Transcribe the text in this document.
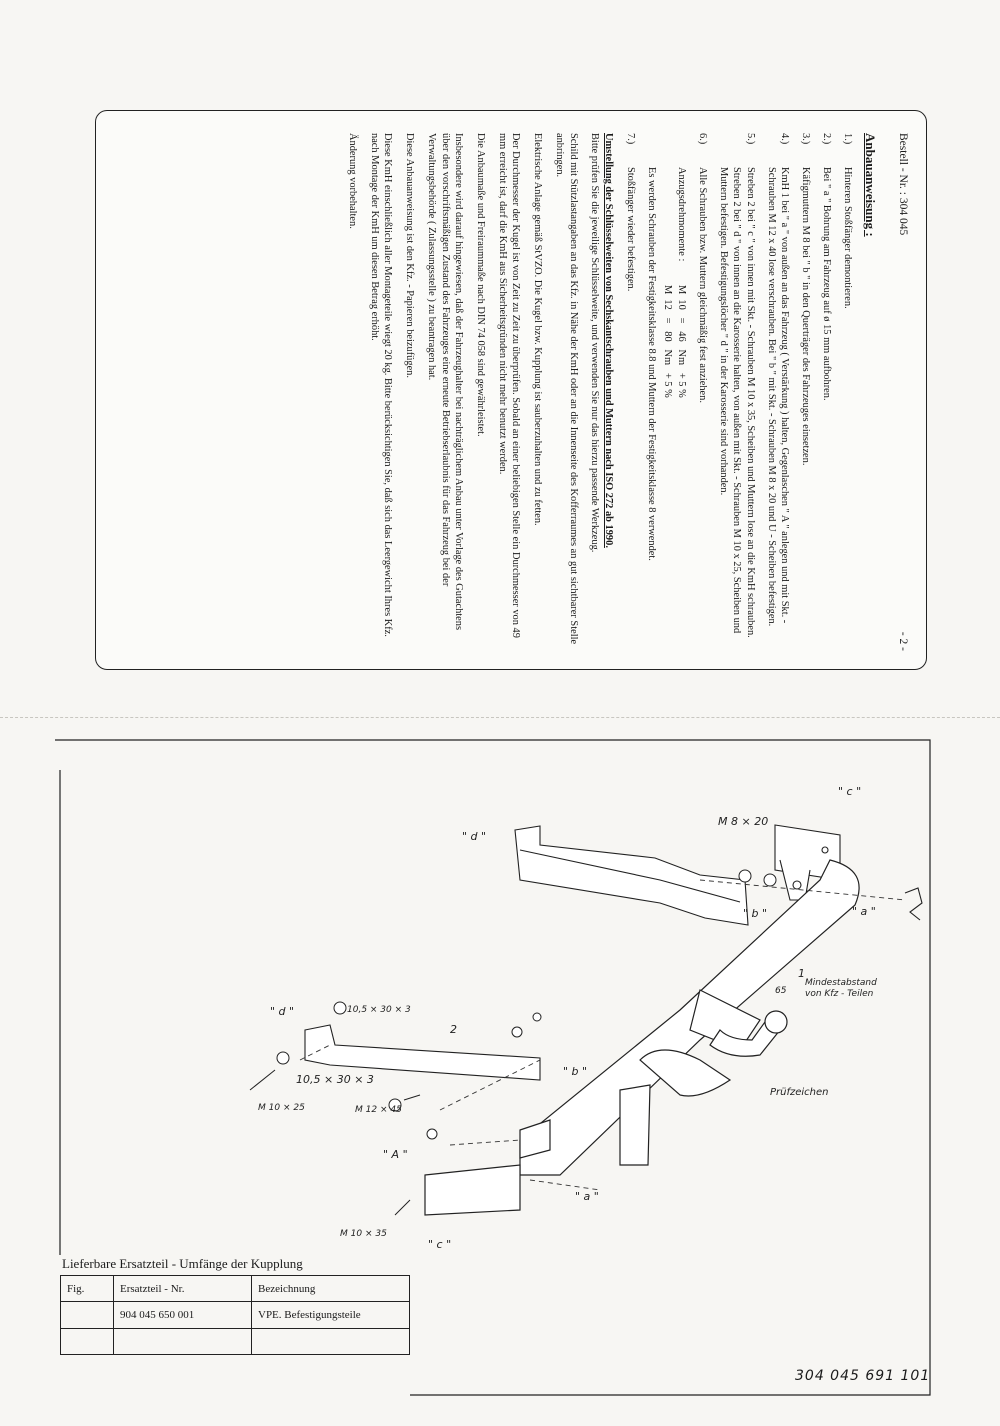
Bestell - Nr. : 304 045
- 2 -
Anbauanweisung :
1.)
Hinteren Stoßfänger demontieren.
2.)
Bei " a " Bohrung am Fahrzeug auf ø 15 mm aufbohren.
3.)
Käfigmuttern M 8 bei " b " in den Querträger des Fahrzeuges einsetzen.
4.)
KmH 1 bei " a " von außen an das Fahrzeug ( Verstärkung ) halten, Gegenlaschen " A " anlegen und mit Skt. - Schrauben M 12 x 40 lose verschrauben. Bei " b " mit Skt. - Schrauben M 8 x 20 und U - Scheiben befestigen.
5.)
Streben 2 bei " c " von innen mit Skt. - Schrauben M 10 x 35, Scheiben und Muttern lose an die KmH schrauben. Streben 2 bei " d " von innen an die Karosserie halten, von außen mit Skt. - Schrauben M 10 x 25, Scheiben und Muttern befestigen. Befestigungslöcher " d " in der Karosserie sind vorhanden.
6.)
Alle Schrauben bzw. Muttern gleichmäßig fest anziehen.
Anzugsdrehmomente :
M  10   =   46   Nm   + 5 %
M  12   =   80   Nm   + 5 %
Es werden Schrauben der Festigkeitsklasse 8.8 und Muttern der Festigkeitsklasse 8 verwendet.
7.)
Stoßfänger wieder befestigen.
Umstellung der Schlüsselweiten von Sechskantschrauben und Muttern nach ISO 272 ab 1990.
Bitte prüfen Sie die jeweilige Schlüsselweite, und verwenden Sie nur das hierzu passende Werkzeug.
Schild mit Stützlastangaben an das Kfz. in Nähe der KmH oder an die Innenseite des Kofferraumes an gut sichtbarer Stelle anbringen.
Elektrische Anlage gemäß StVZO. Die Kugel bzw. Kupplung ist sauberzuhalten und zu fetten.
Der Durchmesser der Kugel ist von Zeit zu Zeit zu überprüfen. Sobald an einer beliebigen Stelle ein Durchmesser von 49 mm erreicht ist, darf die KmH aus Sicherheitsgründen nicht mehr benutzt werden.
Die Anbaumaße und Freiraummaße nach DIN 74 058 sind gewährleistet.
Insbesondere wird darauf hingewiesen, daß der Fahrzeughalter bei nachträglichem Anbau unter Vorlage des Gutachtens über den vorschriftsmäßigen Zustand des Fahrzeuges eine erneute Betriebserlaubnis für das Fahrzeug bei der Verwaltungsbehörde ( Zulassungsstelle ) zu beantragen hat.
Diese Anbauanweisung ist den Kfz. - Papieren beizufügen.
Diese KmH einschließlich aller Montageteile wiegt 20 kg. Bitte berücksichtigen Sie, daß sich das Leergewicht Ihres Kfz. nach Montage der KmH um diesen Betrag erhöht.
Änderung vorbehalten.
" c "
M 8 × 20
" d "
" b "	" a "
1
Mindestabstand
von Kfz - Teilen
65
10,5 × 30 × 3
" d "
2
10,5 × 30 × 3
M 10 × 25	M 12 × 45
" b "
Prüfzeichen
" A "
" a "
M 10 × 35
" c "
Lieferbare Ersatzteil - Umfänge der Kupplung
Fig.	Ersatzteil - Nr.	Bezeichnung
	904 045 650 001	VPE. Befestigungsteile

304 045 691 101
